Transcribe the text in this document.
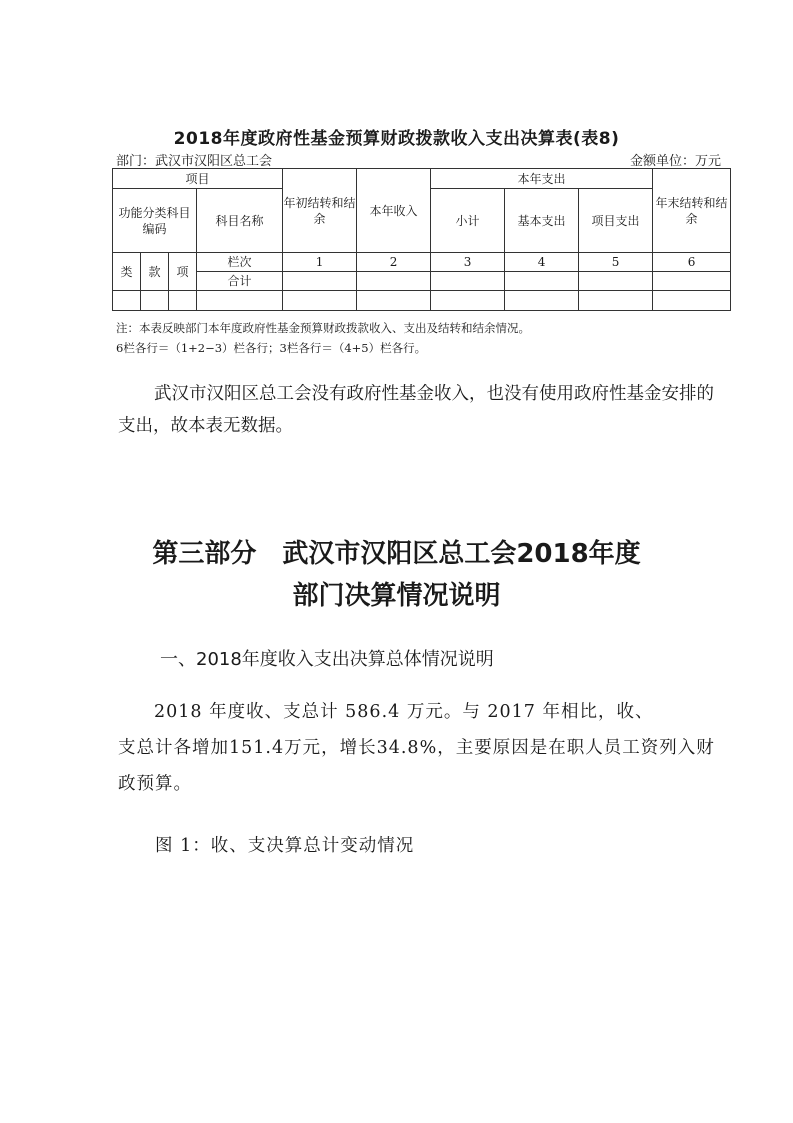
2018年度政府性基金预算财政拨款收入支出决算表(表8)
部门：武汉市汉阳区总工会	金额单位：万元
项目				年初结转和结余	本年收入	本年支出			年末结转和结余
功能分类科目编码			科目名称			小计	基本支出	项目支出	
类	款	项	栏次	1	2	3	4	5	6
			合计						

注：本表反映部门本年度政府性基金预算财政拨款收入、支出及结转和结余情况。
6栏各行＝（1+2−3）栏各行；3栏各行＝（4+5）栏各行。
武汉市汉阳区总工会没有政府性基金收入，也没有使用政府性基金安排的支出，故本表无数据。
第三部分　武汉市汉阳区总工会2018年度
部门决算情况说明
一、2018年度收入支出决算总体情况说明
2018 年度收、支总计 586.4 万元。与 2017 年相比，收、
支总计各增加151.4万元，增长34.8%，主要原因是在职人员工资列入财政预算。
图 1：收、支决算总计变动情况
